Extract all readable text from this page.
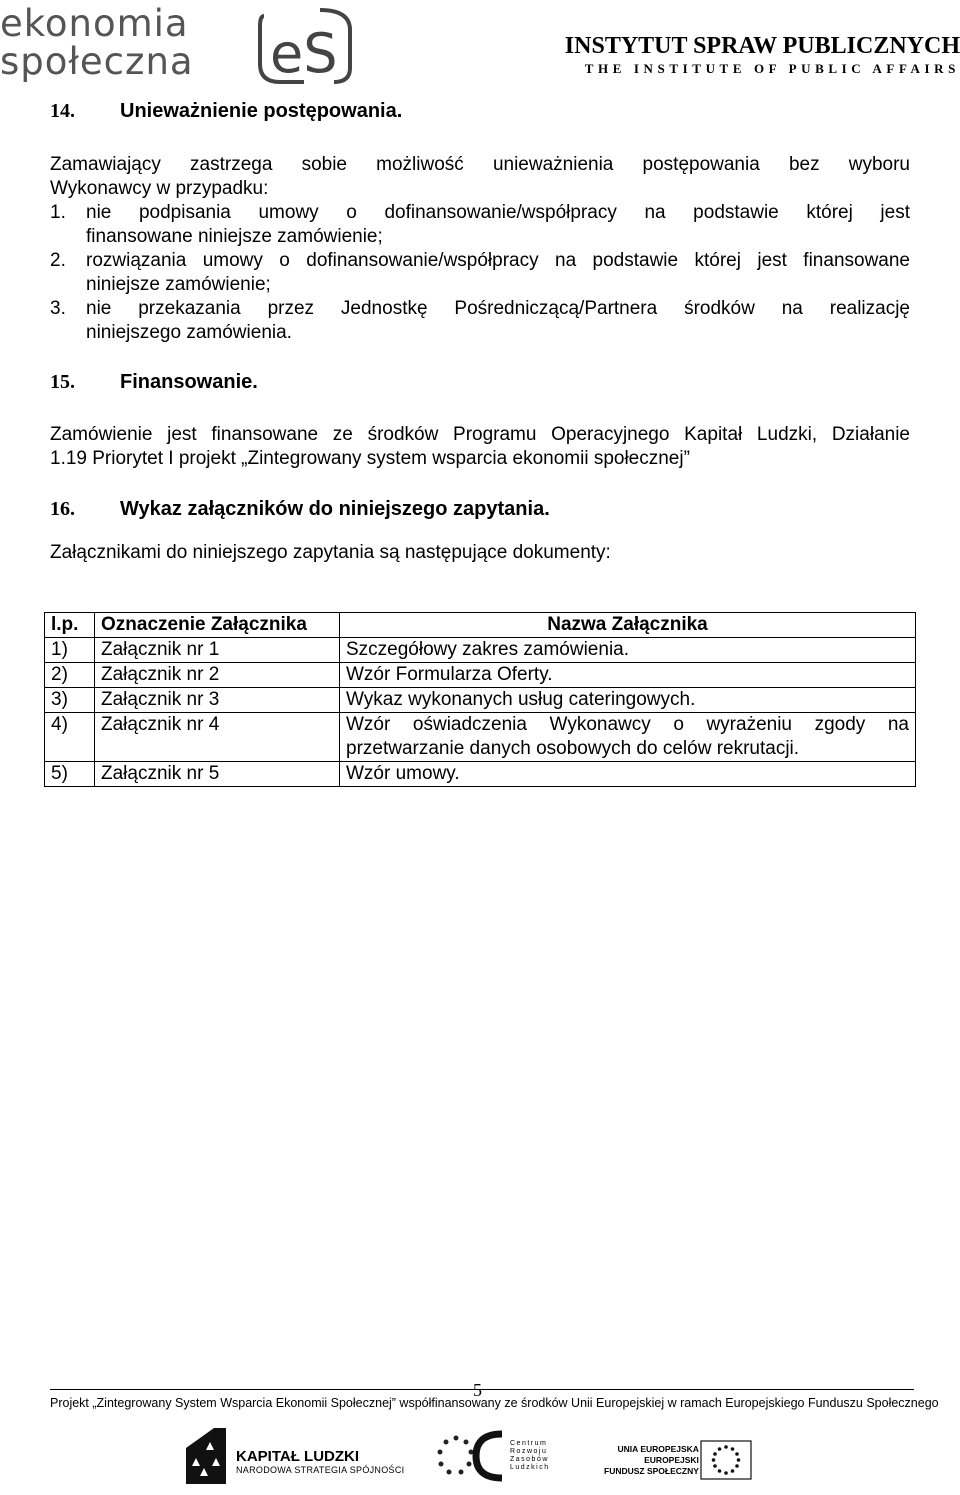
ekonomia
społeczna eS	INSTYTUT SPRAW PUBLICZNYCH
THE INSTITUTE OF PUBLIC AFFAIRS
14. Unieważnienie postępowania.
Zamawiający zastrzega sobie możliwość unieważnienia postępowania bez wyboru
Wykonawcy w przypadku:
1. nie podpisania umowy o dofinansowanie/współpracy na podstawie której jest
finansowane niniejsze zamówienie;
2. rozwiązania umowy o dofinansowanie/współpracy na podstawie której jest finansowane
niniejsze zamówienie;
3. nie przekazania przez Jednostkę Pośredniczącą/Partnera środków na realizację
niniejszego zamówienia.
15. Finansowanie.
Zamówienie jest finansowane ze środków Programu Operacyjnego Kapitał Ludzki, Działanie
1.19 Priorytet I projekt „Zintegrowany system wsparcia ekonomii społecznej”
16. Wykaz załączników do niniejszego zapytania.
Załącznikami do niniejszego zapytania są następujące dokumenty:
l.p.	Oznaczenie Załącznika	Nazwa Załącznika
1)	Załącznik nr 1	Szczegółowy zakres zamówienia.
2)	Załącznik nr 2	Wzór Formularza Oferty.
3)	Załącznik nr 3	Wykaz wykonanych usług cateringowych.
4)	Załącznik nr 4	Wzór oświadczenia Wykonawcy o wyrażeniu zgody na
przetwarzanie danych osobowych do celów rekrutacji.

5)	Załącznik nr 5	Wzór umowy.
5
Projekt „Zintegrowany System Wsparcia Ekonomii Społecznej” współfinansowany ze środków Unii Europejskiej w ramach Europejskiego Funduszu Społecznego
KAPITAŁ LUDZKI
NARODOWA STRATEGIA SPÓJNOŚCI
Centrum
Rozwoju
Zasobów
Ludzkich
UNIA EUROPEJSKA
EUROPEJSKI
FUNDUSZ SPOŁECZNY
